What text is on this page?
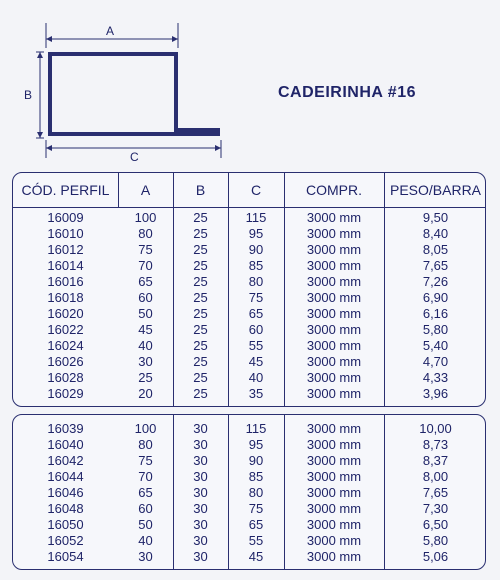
A
B
C
CADEIRINHA #16
CÓD. PERFIL	A	B	C	COMPR.	PESO/BARRA
16009	100	25	115	3000 mm	9,50
16010	80	25	95	3000 mm	8,40
16012	75	25	90	3000 mm	8,05
16014	70	25	85	3000 mm	7,65
16016	65	25	80	3000 mm	7,26
16018	60	25	75	3000 mm	6,90
16020	50	25	65	3000 mm	6,16
16022	45	25	60	3000 mm	5,80
16024	40	25	55	3000 mm	5,40
16026	30	25	45	3000 mm	4,70
16028	25	25	40	3000 mm	4,33
16029	20	25	35	3000 mm	3,96
16039	100	30	115	3000 mm	10,00
16040	80	30	95	3000 mm	8,73
16042	75	30	90	3000 mm	8,37
16044	70	30	85	3000 mm	8,00
16046	65	30	80	3000 mm	7,65
16048	60	30	75	3000 mm	7,30
16050	50	30	65	3000 mm	6,50
16052	40	30	55	3000 mm	5,80
16054	30	30	45	3000 mm	5,06
